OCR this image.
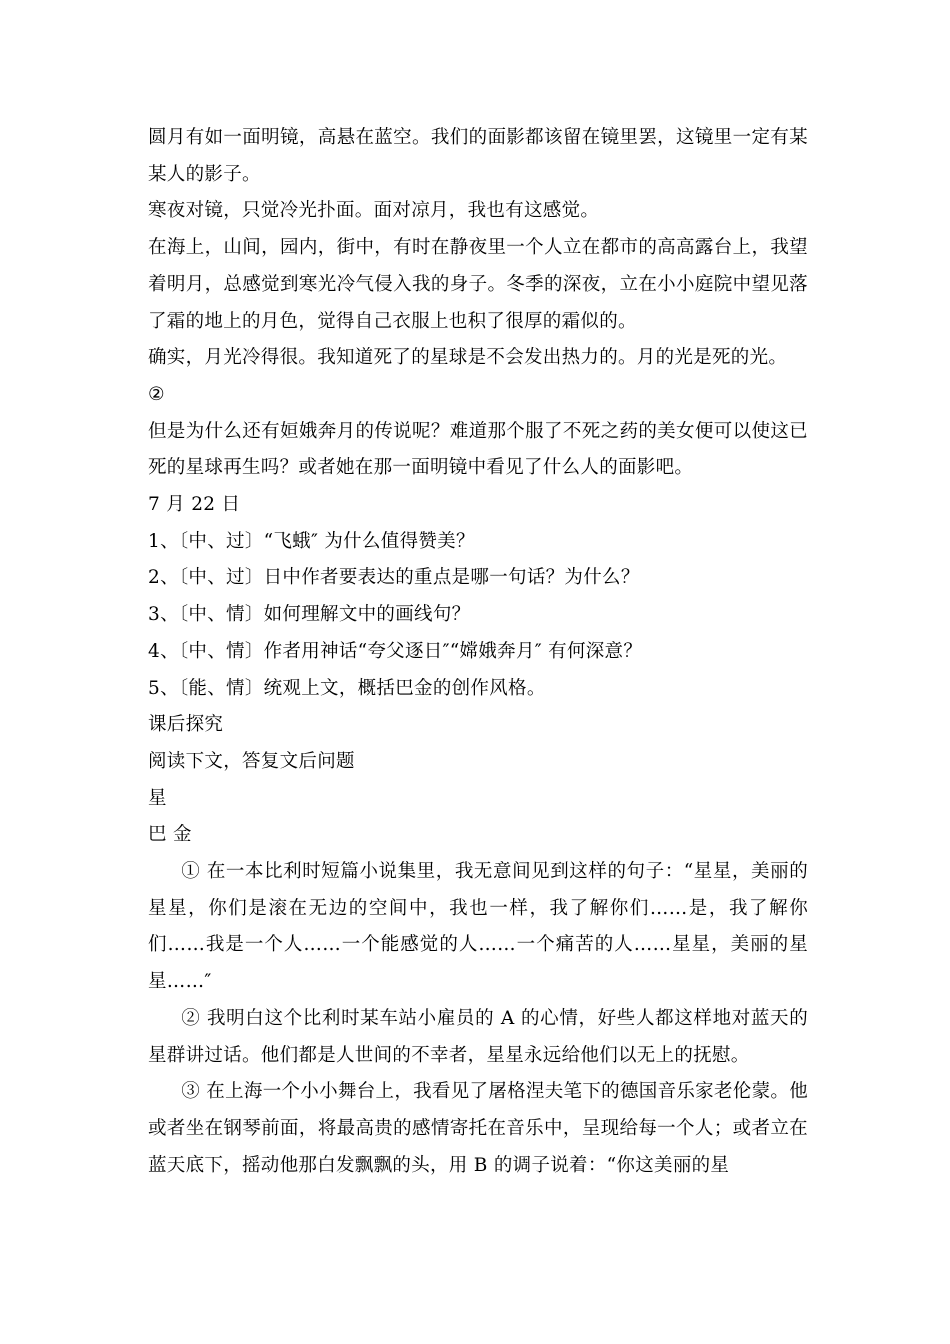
圆月有如一面明镜，高悬在蓝空。我们的面影都该留在镜里罢，这镜里一定有某某人的影子。

寒夜对镜，只觉冷光扑面。面对凉月，我也有这感觉。

在海上，山间，园内，街中，有时在静夜里一个人立在都市的高高露台上，我望着明月，总感觉到寒光冷气侵入我的身子。冬季的深夜，立在小小庭院中望见落了霜的地上的月色，觉得自己衣服上也积了很厚的霜似的。

确实，月光冷得很。我知道死了的星球是不会发出热力的。月的光是死的光。

②

但是为什么还有姮娥奔月的传说呢？难道那个服了不死之药的美女便可以使这已死的星球再生吗？或者她在那一面明镜中看见了什么人的面影吧。

7 月 22 日

1、〔中、过〕“飞蛾″ 为什么值得赞美？

2、〔中、过〕日中作者要表达的重点是哪一句话？为什么？

3、〔中、情〕如何理解文中的画线句？

4、〔中、情〕作者用神话“夸父逐日″“嫦娥奔月″ 有何深意？

5、〔能、情〕统观上文，概括巴金的创作风格。

课后探究

阅读下文，答复文后问题

星

巴 金

① 在一本比利时短篇小说集里，我无意间见到这样的句子：“星星，美丽的星星，你们是滚在无边的空间中，我也一样，我了解你们……是，我了解你们……我是一个人……一个能感觉的人……一个痛苦的人……星星，美丽的星星……″

② 我明白这个比利时某车站小雇员的 A 的心情，好些人都这样地对蓝天的星群讲过话。他们都是人世间的不幸者，星星永远给他们以无上的抚慰。

③ 在上海一个小小舞台上，我看见了屠格涅夫笔下的德国音乐家老伦蒙。他或者坐在钢琴前面，将最高贵的感情寄托在音乐中，呈现给每一个人；或者立在蓝天底下，摇动他那白发飘飘的头，用 B 的调子说着：“你这美丽的星
